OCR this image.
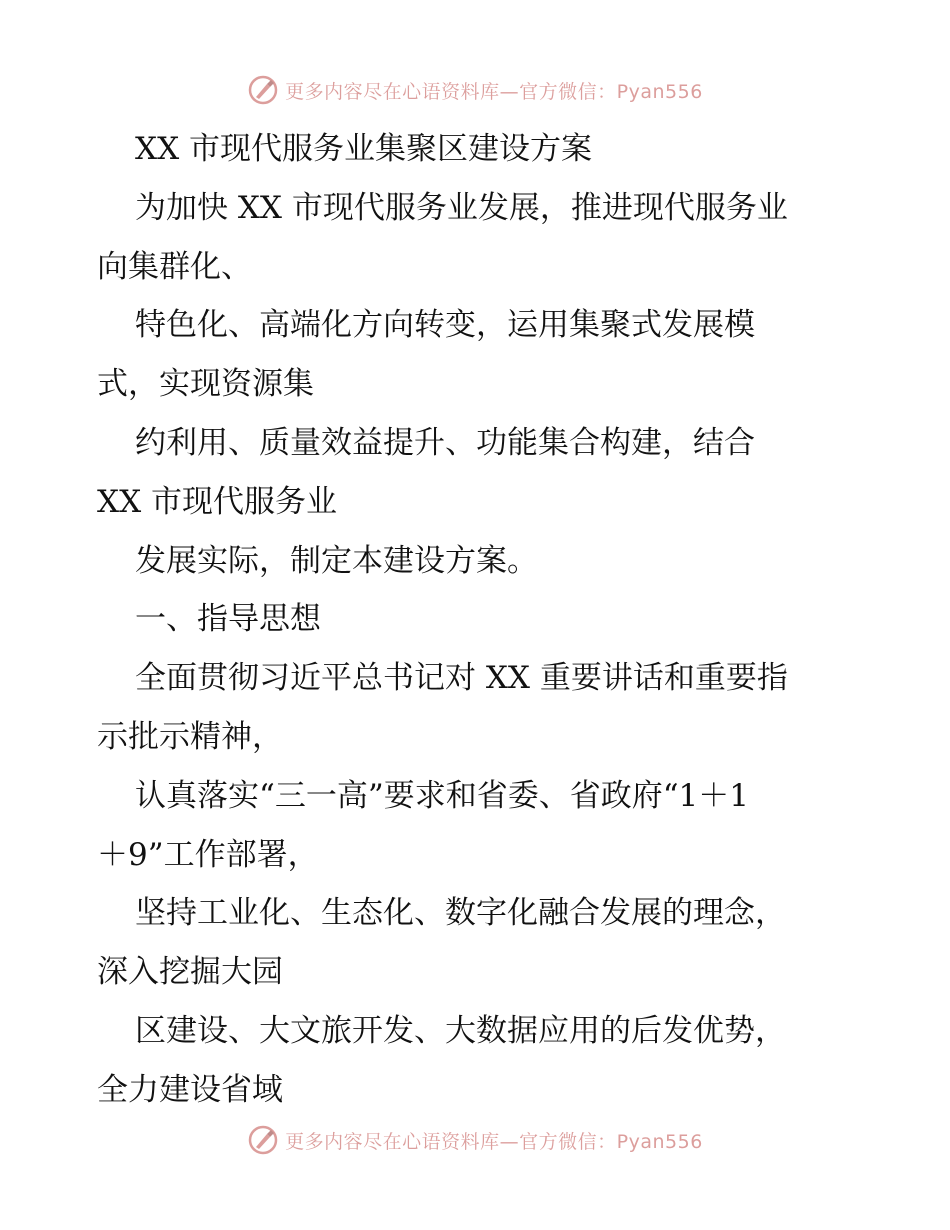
更多内容尽在心语资料库—官方微信：Pyan556

XX 市现代服务业集聚区建设方案

为加快 XX 市现代服务业发展，推进现代服务业

向集群化、

特色化、高端化方向转变，运用集聚式发展模

式，实现资源集

约利用、质量效益提升、功能集合构建，结合

XX 市现代服务业

发展实际，制定本建设方案。

一、指导思想

全面贯彻习近平总书记对 XX 重要讲话和重要指

示批示精神，

认真落实“三一高”要求和省委、省政府“1＋1

＋9”工作部署，

坚持工业化、生态化、数字化融合发展的理念，

深入挖掘大园

区建设、大文旅开发、大数据应用的后发优势，

全力建设省域

更多内容尽在心语资料库—官方微信：Pyan556
